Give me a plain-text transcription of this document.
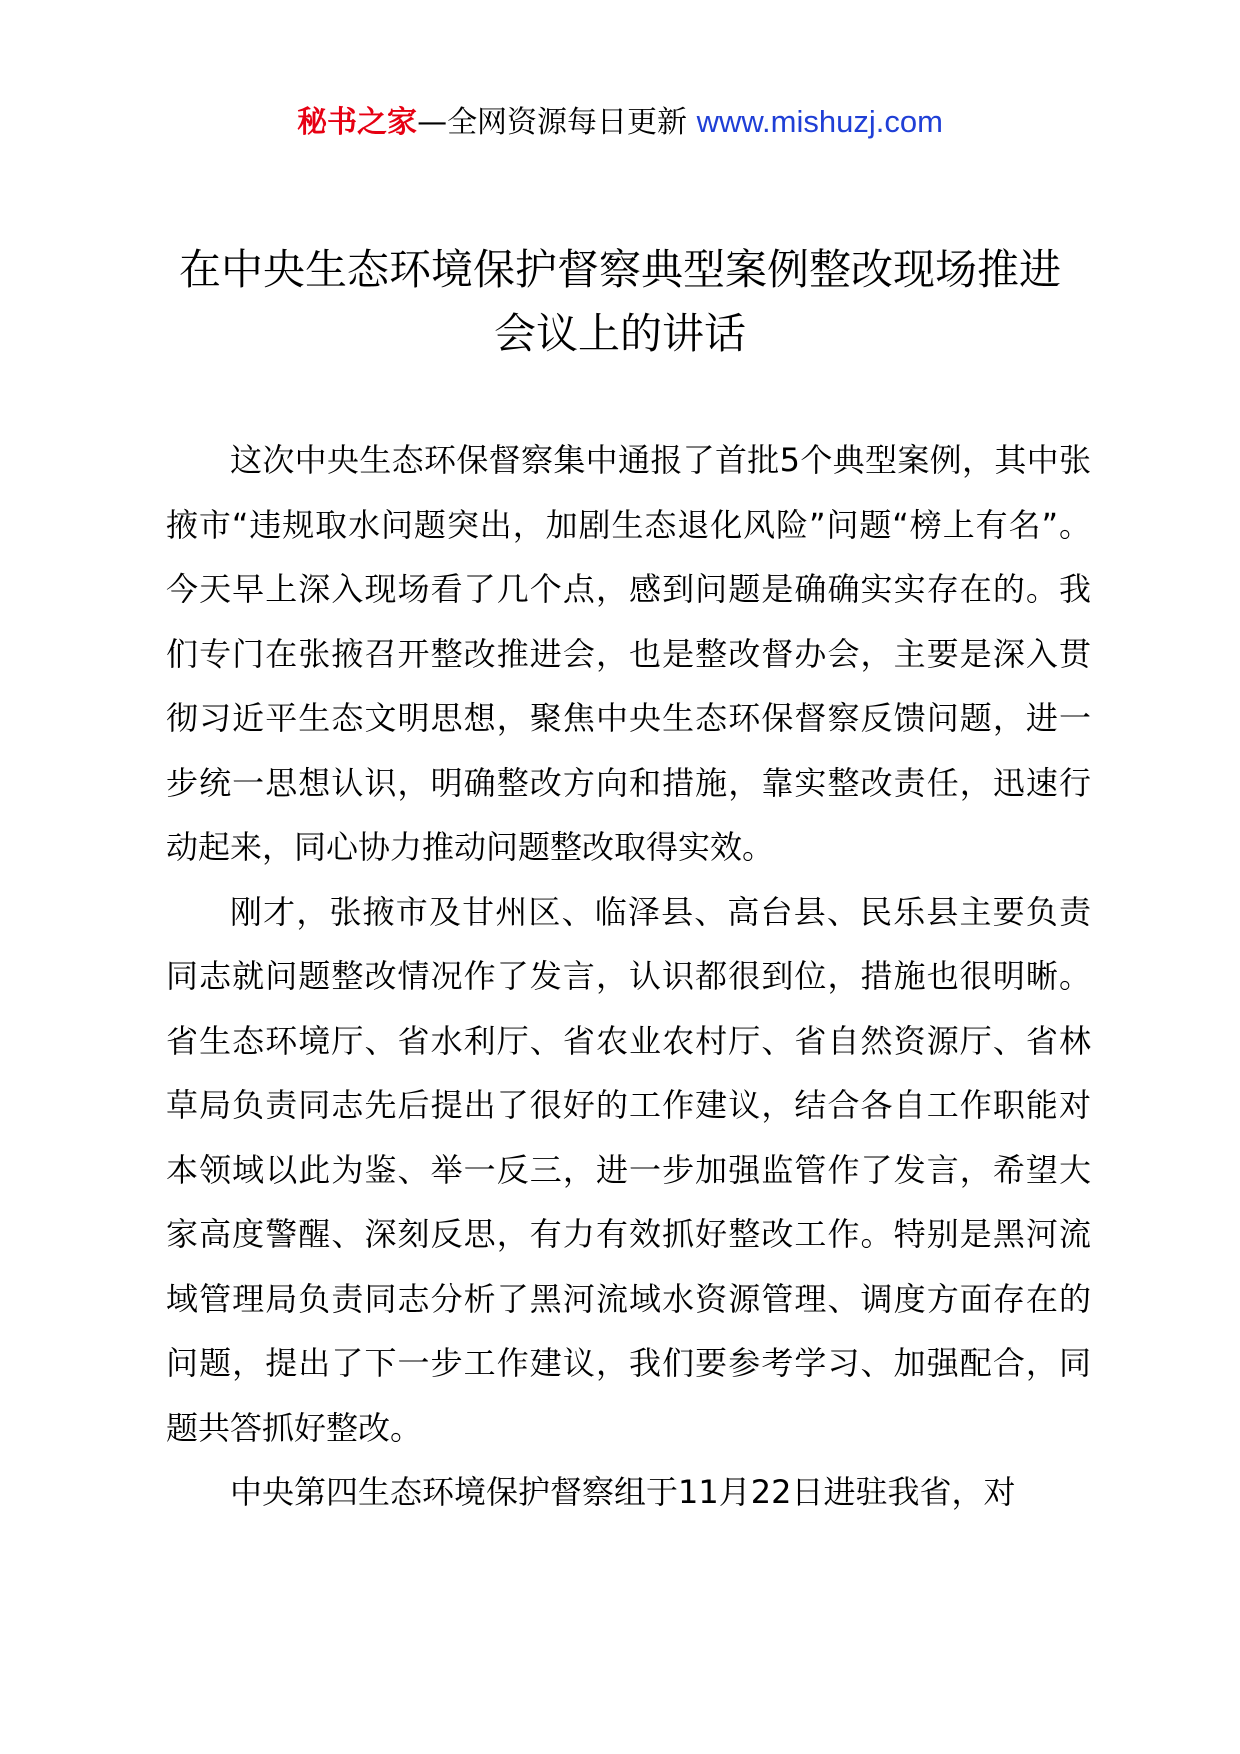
秘书之家—全网资源每日更新 www.mishuzj.com
在中央生态环境保护督察典型案例整改现场推进会议上的讲话

这次中央生态环保督察集中通报了首批5个典型案例，其中张掖市“违规取水问题突出，加剧生态退化风险”问题“榜上有名”。今天早上深入现场看了几个点，感到问题是确确实实存在的。我们专门在张掖召开整改推进会，也是整改督办会，主要是深入贯彻习近平生态文明思想，聚焦中央生态环保督察反馈问题，进一步统一思想认识，明确整改方向和措施，靠实整改责任，迅速行动起来，同心协力推动问题整改取得实效。

刚才，张掖市及甘州区、临泽县、高台县、民乐县主要负责同志就问题整改情况作了发言，认识都很到位，措施也很明晰。省生态环境厅、省水利厅、省农业农村厅、省自然资源厅、省林草局负责同志先后提出了很好的工作建议，结合各自工作职能对本领域以此为鉴、举一反三，进一步加强监管作了发言，希望大家高度警醒、深刻反思，有力有效抓好整改工作。特别是黑河流域管理局负责同志分析了黑河流域水资源管理、调度方面存在的问题，提出了下一步工作建议，我们要参考学习、加强配合，同题共答抓好整改。

中央第四生态环境保护督察组于11月22日进驻我省，对
